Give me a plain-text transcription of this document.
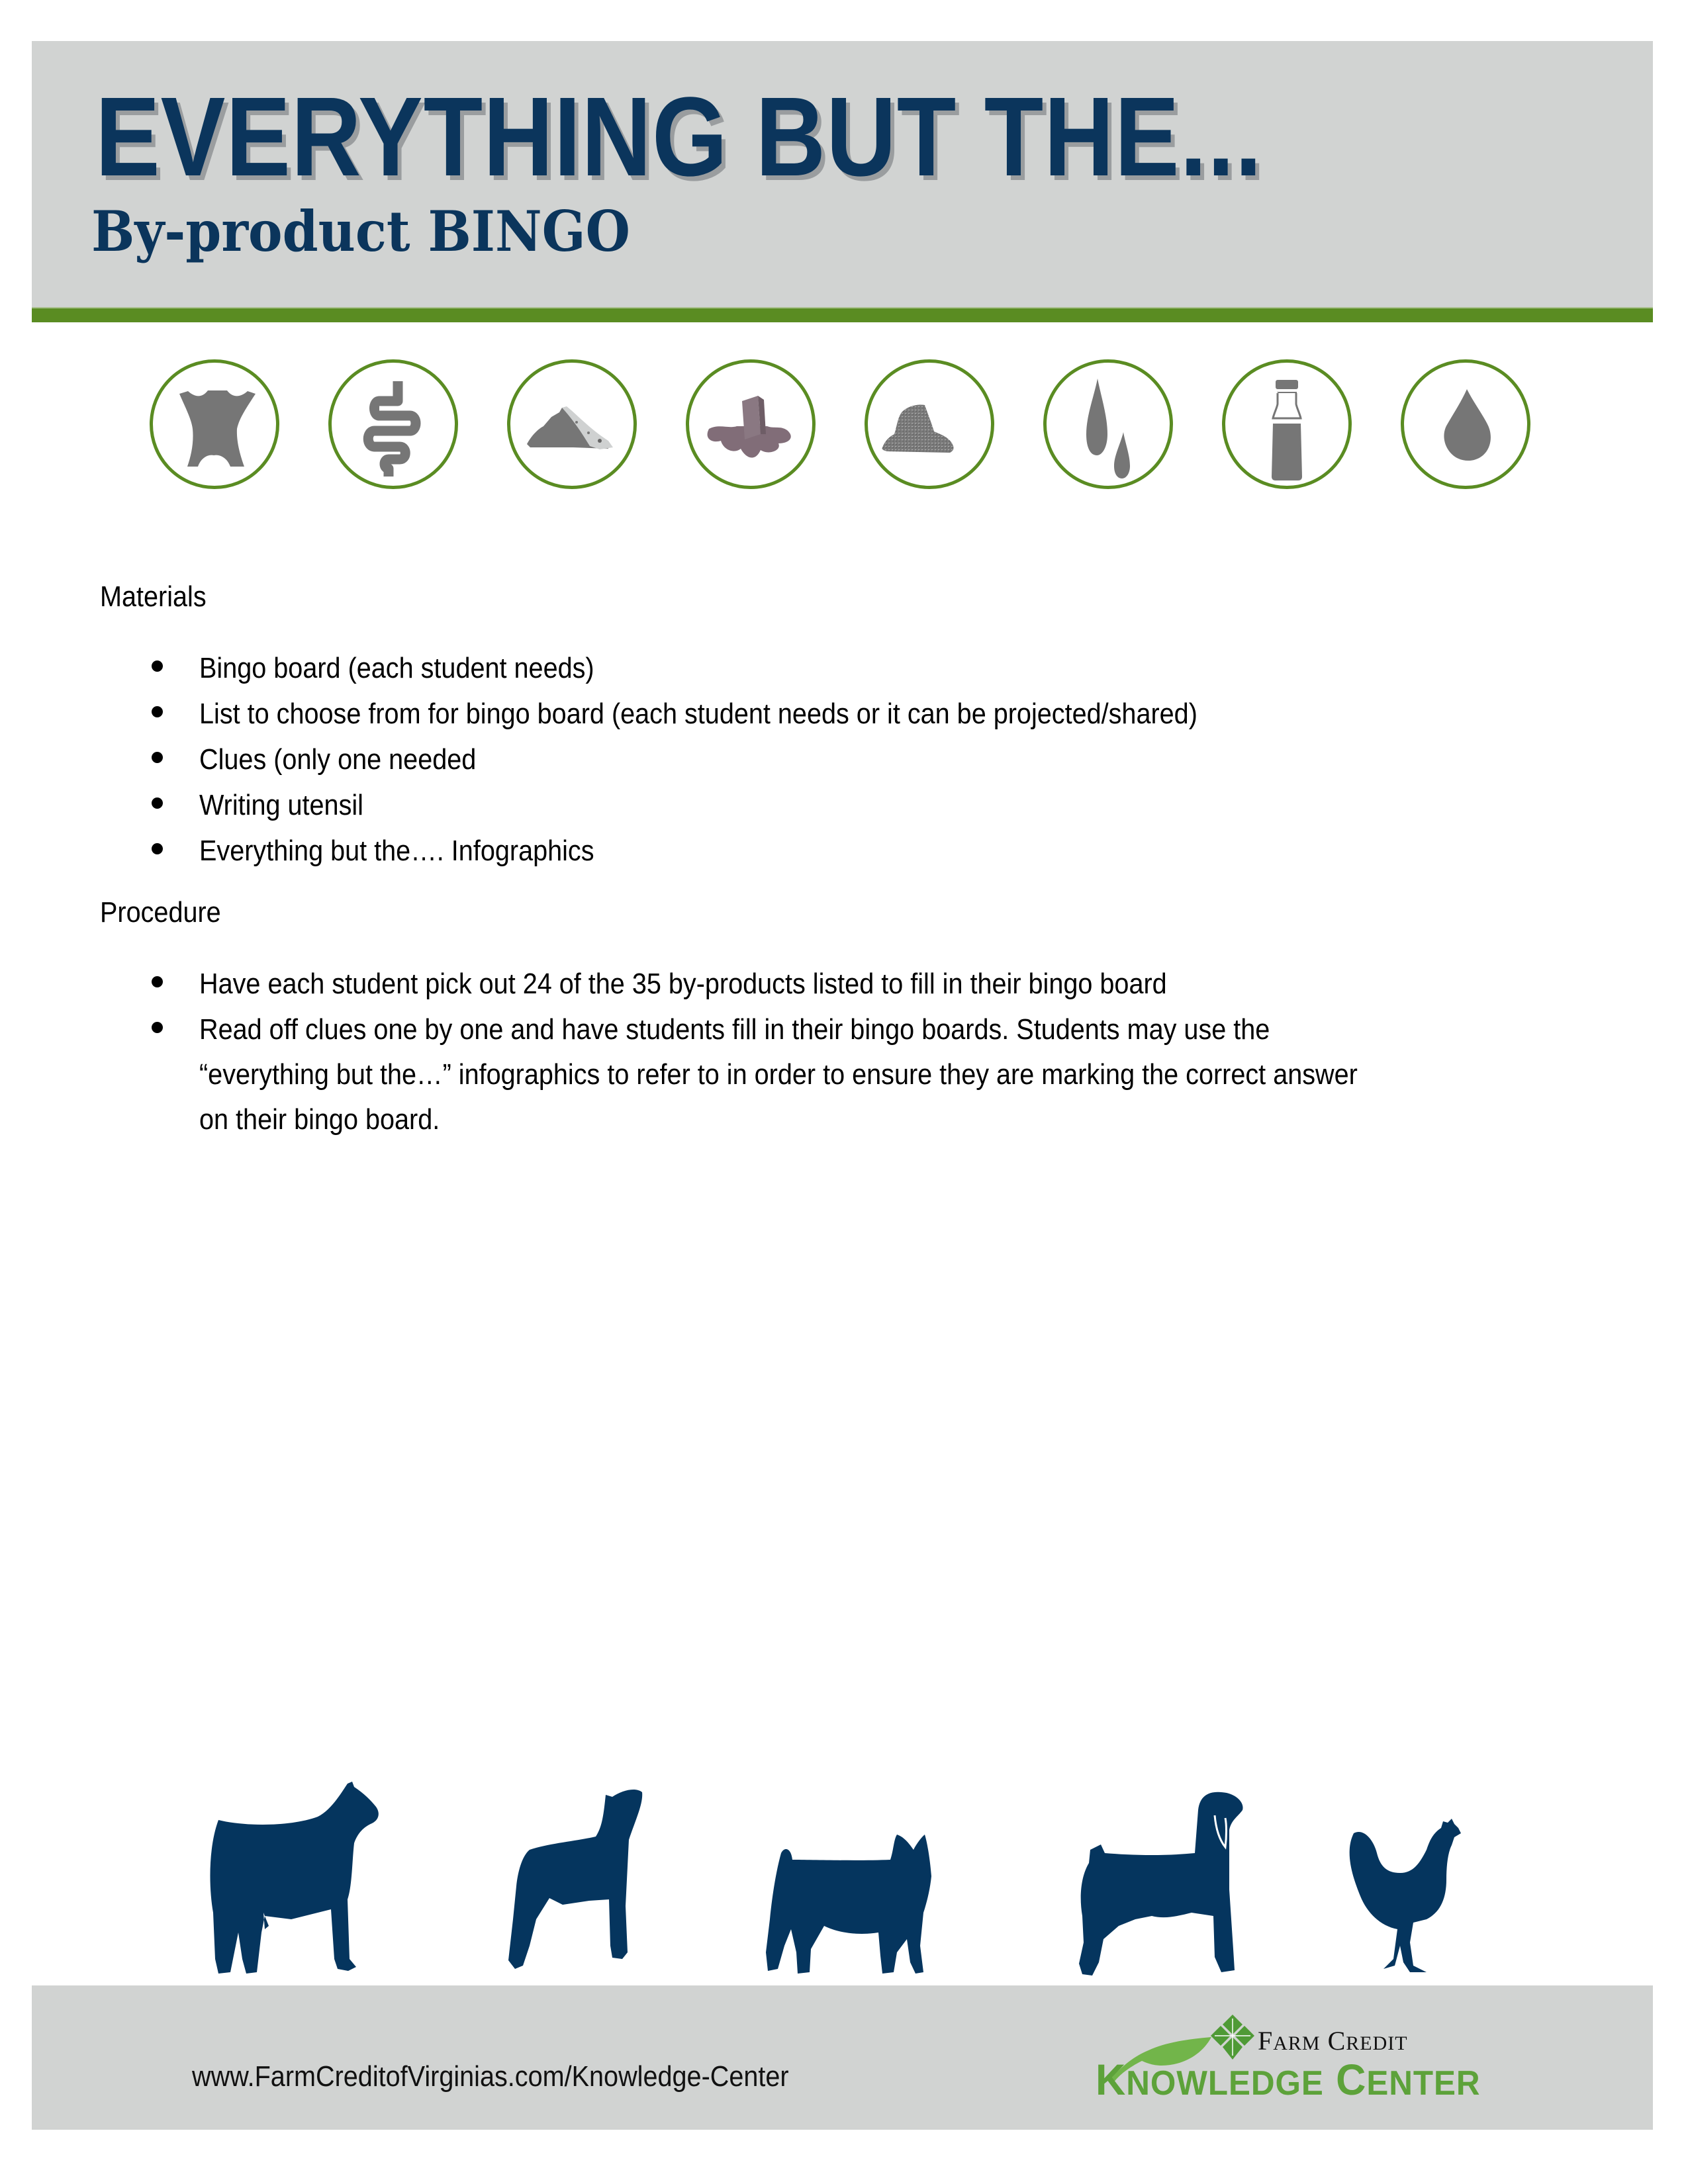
EVERYTHING BUT THE...
By-product BINGO
Materials
Bingo board (each student needs)
List to choose from for bingo board (each student needs or it can be projected/shared)
Clues (only one needed
Writing utensil
Everything but the…. Infographics
Procedure
Have each student pick out 24 of the 35 by-products listed to fill in their bingo board
Read off clues one by one and have students fill in their bingo boards. Students may use the
“everything but the…” infographics to refer to in order to ensure they are marking the correct answer
on their bingo board.
www.FarmCreditofVirginias.com/Knowledge-Center
FARM CREDIT
KNOWLEDGE CENTER
